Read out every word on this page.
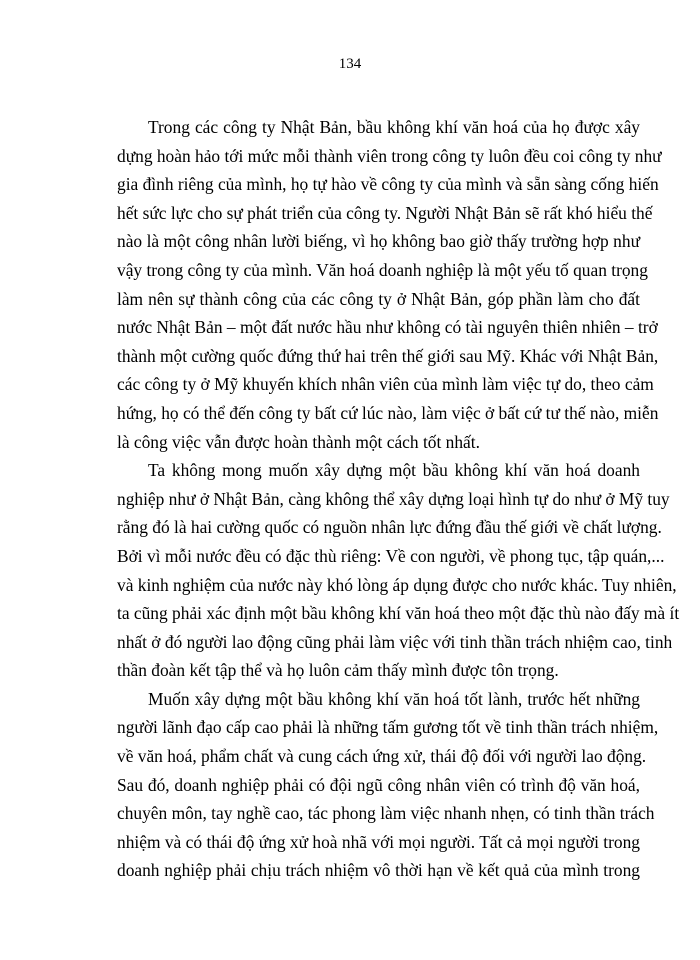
134
Trong các công ty Nhật Bản, bầu không khí văn hoá của họ được xây
dựng hoàn hảo tới mức mỗi thành viên trong công ty luôn đều coi công ty như
gia đình riêng của mình, họ tự hào về công ty của mình và sẵn sàng cống hiến
hết sức lực cho sự phát triển của công ty. Người Nhật Bản sẽ rất khó hiểu thế
nào là một công nhân lười biếng, vì họ không bao giờ thấy trường hợp như
vậy trong công ty của mình. Văn hoá doanh nghiệp là một yếu tố quan trọng
làm nên sự thành công của các công ty ở Nhật Bản, góp phần làm cho đất
nước Nhật Bản – một đất nước hầu như không có tài nguyên thiên nhiên – trở
thành một cường quốc đứng thứ hai trên thế giới sau Mỹ. Khác với Nhật Bản,
các công ty ở Mỹ khuyến khích nhân viên của mình làm việc tự do, theo cảm
hứng, họ có thể đến công ty bất cứ lúc nào, làm việc ở bất cứ tư thế nào, miễn
là công việc vẫn được hoàn thành một cách tốt nhất.
Ta không mong muốn xây dựng một bầu không khí văn hoá doanh
nghiệp như ở Nhật Bản, càng không thể xây dựng loại hình tự do như ở Mỹ tuy
rằng đó là hai cường quốc có nguồn nhân lực đứng đầu thế giới về chất lượng.
Bởi vì mỗi nước đều có đặc thù riêng: Về con người, về phong tục, tập quán,...
và kinh nghiệm của nước này khó lòng áp dụng được cho nước khác. Tuy nhiên,
ta cũng phải xác định một bầu không khí văn hoá theo một đặc thù nào đấy mà ít
nhất ở đó người lao động cũng phải làm việc với tinh thần trách nhiệm cao, tinh
thần đoàn kết tập thể và họ luôn cảm thấy mình được tôn trọng.
Muốn xây dựng một bầu không khí văn hoá tốt lành, trước hết những
người lãnh đạo cấp cao phải là những tấm gương tốt về tinh thần trách nhiệm,
về văn hoá, phẩm chất và cung cách ứng xử, thái độ đối với người lao động.
Sau đó, doanh nghiệp phải có đội ngũ công nhân viên có trình độ văn hoá,
chuyên môn, tay nghề cao, tác phong làm việc nhanh nhẹn, có tinh thần trách
nhiệm và có thái độ ứng xử hoà nhã với mọi người. Tất cả mọi người trong
doanh nghiệp phải chịu trách nhiệm vô thời hạn về kết quả của mình trong
